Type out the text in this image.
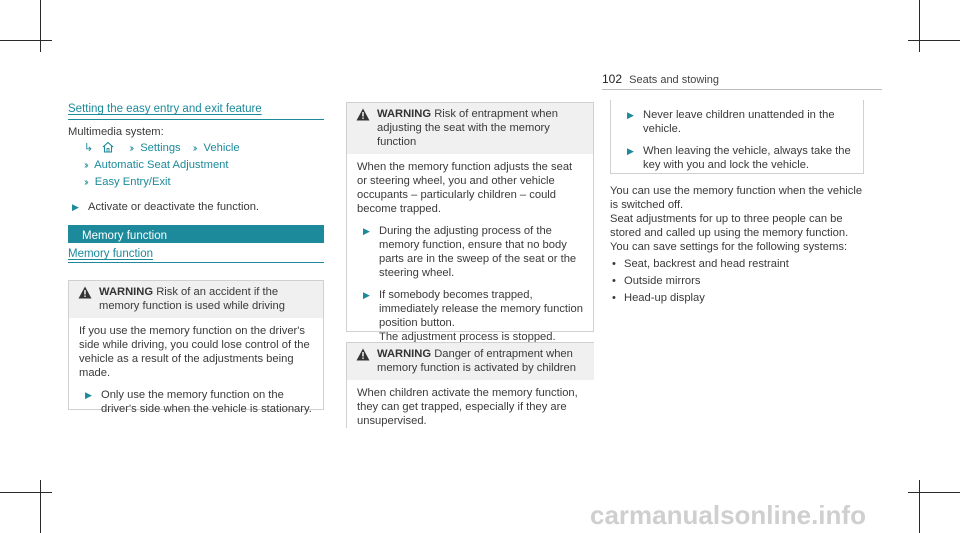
102 Seats and stowing
Setting the easy entry and exit feature

Multimedia system:

↳	›› Settings ›› Vehicle
›› Automatic Seat Adjustment
›› Easy Entry/Exit
▶ Activate or deactivate the function.
Memory function
Memory function
WARNING Risk of an accident if the memory function is used while driving

If you use the memory function on the driver's side while driving, you could lose control of the vehicle as a result of the adjustments being made.

▶ Only use the memory function on the driver's side when the vehicle is stationary.
WARNING Risk of entrapment when adjusting the seat with the memory function

When the memory function adjusts the seat or steering wheel, you and other vehicle occupants – particularly children – could become trapped.

▶ During the adjusting process of the memory function, ensure that no body parts are in the sweep of the seat or the steering wheel.
▶ If somebody becomes trapped, immediately release the memory function position button.

The adjustment process is stopped.

WARNING Danger of entrapment when memory function is activated by children

When children activate the memory function, they can get trapped, especially if they are unsupervised.

▶ Never leave children unattended in the vehicle.
▶ When leaving the vehicle, always take the key with you and lock the vehicle.

You can use the memory function when the vehicle is switched off.

Seat adjustments for up to three people can be stored and called up using the memory function.

You can save settings for the following systems:

• Seat, backrest and head restraint
• Outside mirrors
• Head-up display
carmanualsonline.info
